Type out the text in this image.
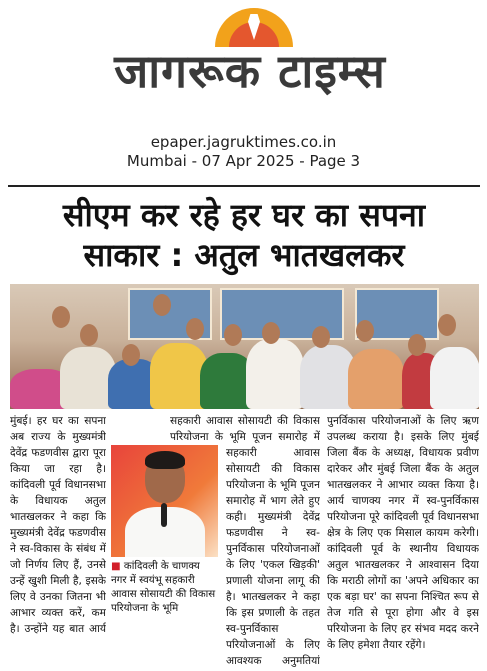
जागरूक टाइम्स
epaper.jagruktimes.co.in
Mumbai - 07 Apr 2025 - Page 3
सीएम कर रहे हर घर का सपना
साकार : अतुल भातखलकर

मुंबई। हर घर का सपना अब राज्य के मुख्यमंत्री देवेंद्र फडणवीस द्वारा पूरा किया जा रहा है। कांदिवली पूर्व विधानसभा के विधायक अतुल भातखलकर ने कहा कि मुख्यमंत्री देवेंद्र फडणवीस ने स्व-विकास के संबंध में जो निर्णय लिए हैं, उनसे उन्हें खुशी मिली है, इसके लिए वे उनका जितना भी आभार व्यक्त करें, कम है। उन्होंने यह बात आर्य

सहकारी आवास सोसायटी की विकास परियोजना के भूमि पूजन समारोह में

■ कांदिवली के चाणक्य नगर में स्वयंभू सहकारी आवास सोसायटी की विकास परियोजना के भूमि

सहकारी आवास सोसायटी की विकास परियोजना के भूमि पूजन समारोह में भाग लेते हुए कही। मुख्यमंत्री देवेंद्र फडणवीस ने स्व-पुनर्विकास परियोजनाओं के लिए 'एकल खिड़की' प्रणाली योजना लागू की है। भातखलकर ने कहा कि इस प्रणाली के तहत स्व-पुनर्विकास परियोजनाओं के लिए आवश्यक अनुमतियां

पुनर्विकास परियोजनाओं के लिए ऋण उपलब्ध कराया है। इसके लिए मुंबई जिला बैंक के अध्यक्ष, विधायक प्रवीण दारेकर और मुंबई जिला बैंक के अतुल भातखलकर ने आभार व्यक्त किया है। आर्य चाणक्य नगर में स्व-पुनर्विकास परियोजना पूरे कांदिवली पूर्व विधानसभा क्षेत्र के लिए एक मिसाल कायम करेगी। कांदिवली पूर्व के स्थानीय विधायक अतुल भातखलकर ने आश्वासन दिया कि मराठी लोगों का 'अपने अधिकार का एक बड़ा घर' का सपना निश्चित रूप से तेज गति से पूरा होगा और वे इस परियोजना के लिए हर संभव मदद करने के लिए हमेशा तैयार रहेंगे।
